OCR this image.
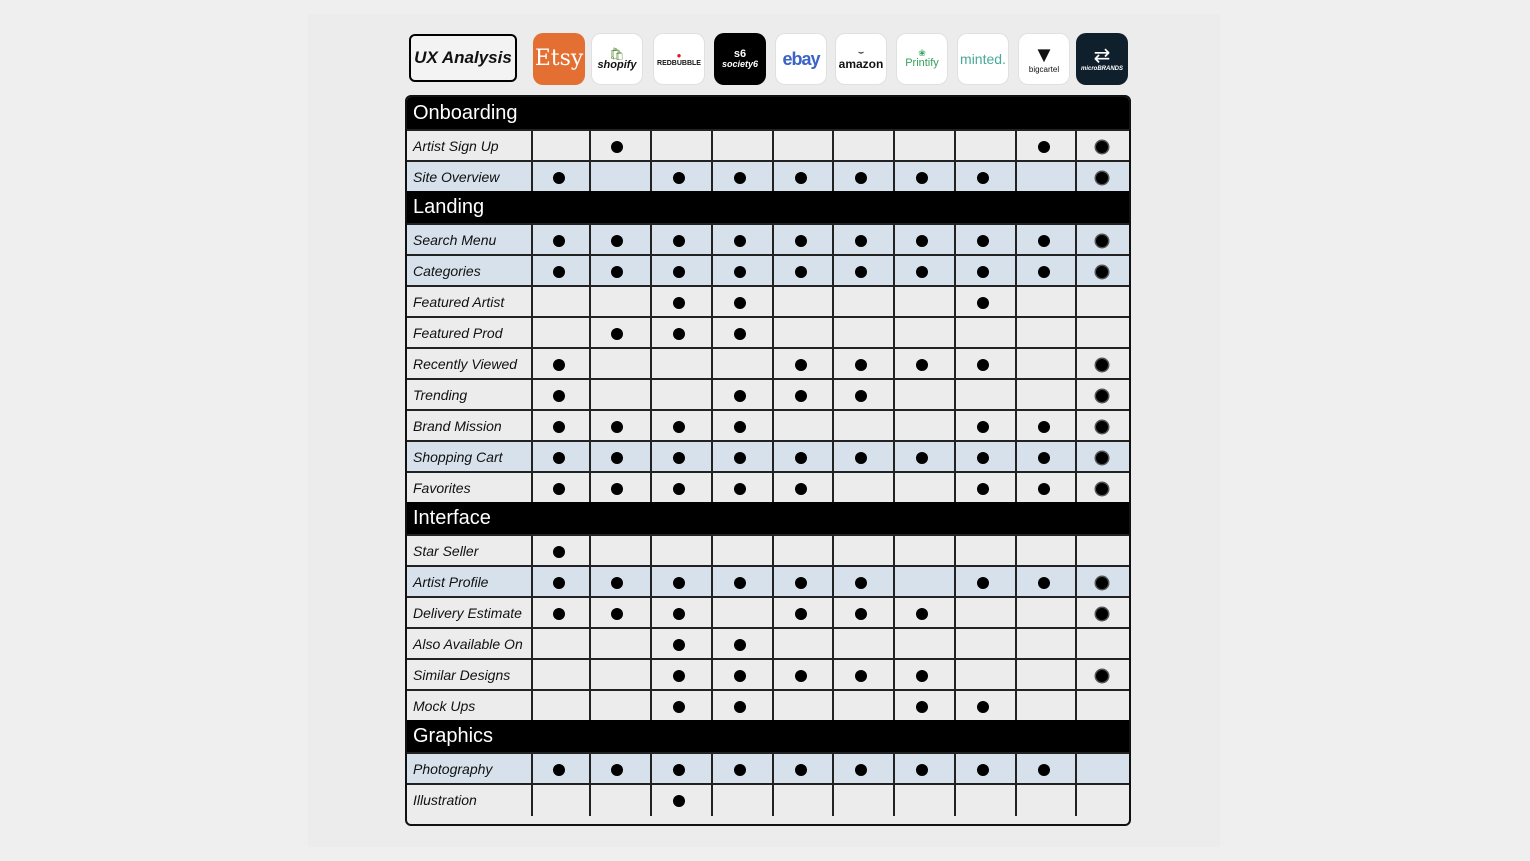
UX Analysis Etsy 🛍
shopify
●
REDBUBBLE
s6
society6 ebay	⌣
amazon
❀
Printify minted. ▼
bigcartel
⇄
microBRANDS
Onboarding
Artist Sign Up
Site Overview
Landing
Search Menu
Categories
Featured Artist
Featured Prod
Recently Viewed
Trending
Brand Mission
Shopping Cart
Favorites
Interface
Star Seller
Artist Profile
Delivery Estimate
Also Available On
Similar Designs
Mock Ups
Graphics
Photography
Illustration
